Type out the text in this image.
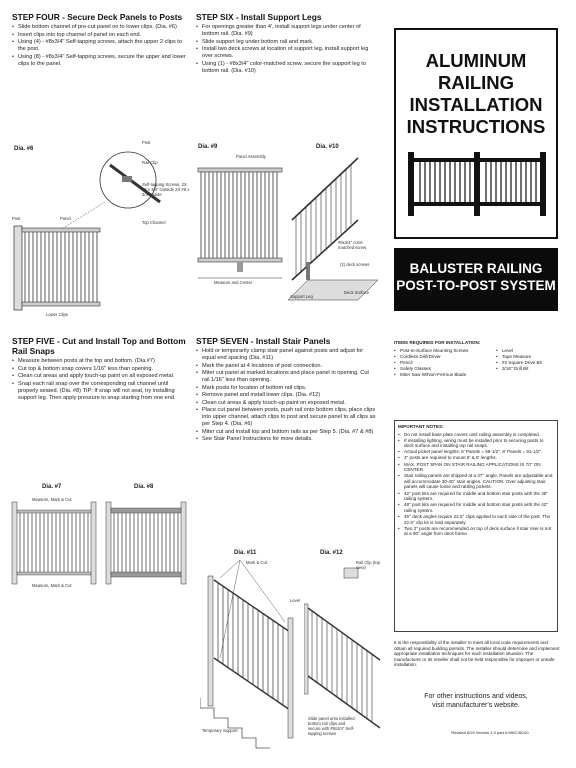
STEP FOUR - Secure Deck Panels to Posts
• Slide bottom channel of pre-cut panel on to lower clips. (Dia. #6)
• Insert clips into top channel of panel on each end.
• Using (4) - #8x3/4" Self-tapping screws, attach the upper 2 clips to the post.
• Using (8) - #8x3/4" Self-tapping screws, secure the upper and lower clips to the panel.
Dia. #6
Post
Rail Clip
Self-tapping Screws, 2X #8 x 3/4" Outside 2X #8 x 3/4" Inside
Top Channel
Post	Panel
Lower Clips
STEP SIX - Install Support Legs
• For openings greater than 4', install support legs under center of bottom rail. (Dia. #9)
• Slide support leg under bottom rail and mark.
• Install two deck screws at location of support leg, install support leg over screws.
• Using (1) - #8x3/4" color-matched screw, secure the support leg to bottom rail. (Dia. #10)
Dia. #9
Panel Assembly
Measure and Center
Dia. #10
#8x3/4" color-matched screw
(2) deck screws
Support Leg
Deck Surface
STEP FIVE - Cut and Install Top and Bottom Rail Snaps
• Measure between posts at the top and bottom. (Dia.#7)
• Cut top & bottom snap covers 1/16" less than opening.
• Clean cut areas and apply touch-up paint on all exposed metal.
• Snap each rail snap over the corresponding rail channel until properly seated. (Dia. #8) TIP: If snap will not seat, try installing support leg. Then apply pressure to snap starting from one end.
Dia. #7
Measure, Mark & Cut
Measure, Mark & Cut
Dia. #8
STEP SEVEN - Install Stair Panels
• Hold or temporarily clamp stair panel against posts and adjust for equal end spacing (Dia. #11)
• Mark the panel at 4 locations of post connection.
• Miter cut panel at marked locations and place panel in opening. Cut rail 1/16" less than opening.
• Mark posts for location of bottom rail clips.
• Remove panel and install lower clips. (Dia. #12)
• Clean cut areas & apply touch-up paint on exposed metal.
• Place cut panel between posts, push rail onto bottom clips, place clips into upper channel, attach clips to post and secure panel to all clips as per Step 4. (Dia. #6)
• Miter cut and install top and bottom rails as per Step 5. (Dia. #7 & #8)
• See Stair Panel Instructions for more details.
Dia. #11
Mark & Cut
Level
Temporary Support
Dia. #12
Rail Clip (top view)
Slide panel onto installed bottom rail clips and secure with #8x3/4" Self-tapping screws
ALUMINUM RAILING
INSTALLATION
INSTRUCTIONS
BALUSTER RAILING
POST-TO-POST SYSTEM
ITEMS REQUIRED FOR INSTALLATION:
• Post-to-Surface Mounting Screws
• Cordless Drill/Driver
• Pencil
• Safety Glasses
• Miter Saw W/Non-Ferrous Blade
• Level
• Tape Measure
• #2 Square Drive Bit
• 3/16" Drill Bit
IMPORTANT NOTES:
• Do not install base plate covers until railing assembly is completed.
• If installing lighting, wiring must be installed prior to securing posts to deck surface and installing top rail snaps.
• Actual picket panel lengths: 6' Panels = 69-1/2", 8' Panels = 91-1/2".
• 2" posts are required to mount 6' & 8' lengths.
• MAX. POST SPAN ON STAIR RAILING APPLICATIONS IS 70" ON CENTER.
• Stair railing panels are shipped at a 37° angle. Panels are adjustable and will accommodate 30-40° stair angles. CAUTION: Over adjusting stair panels will cause loose and rattling pickets.
• 42" post kits are required for middle and bottom stair posts with the 36" railing system.
• 48" post kits are required for middle and bottom stair posts with the 42" railing system.
• 45° deck angles require 22.5° clips applied to each side of the post. The 22.5° clip kit is sold separately.
• Two 2" posts are recommended on top of deck surface if stair riser is not at a 90° angle from deck frame.
It is the responsibility of the installer to meet all local code requirements and obtain all required building permits. The installer should determine and implement appropriate installation techniques for each installation situation. The manufacturer or its reseller shall not be held responsible for improper or unsafe installation.
For other instructions and videos,
visit manufacturer's website.
Revised 6/24 Version 1.0 part # MHC36100
